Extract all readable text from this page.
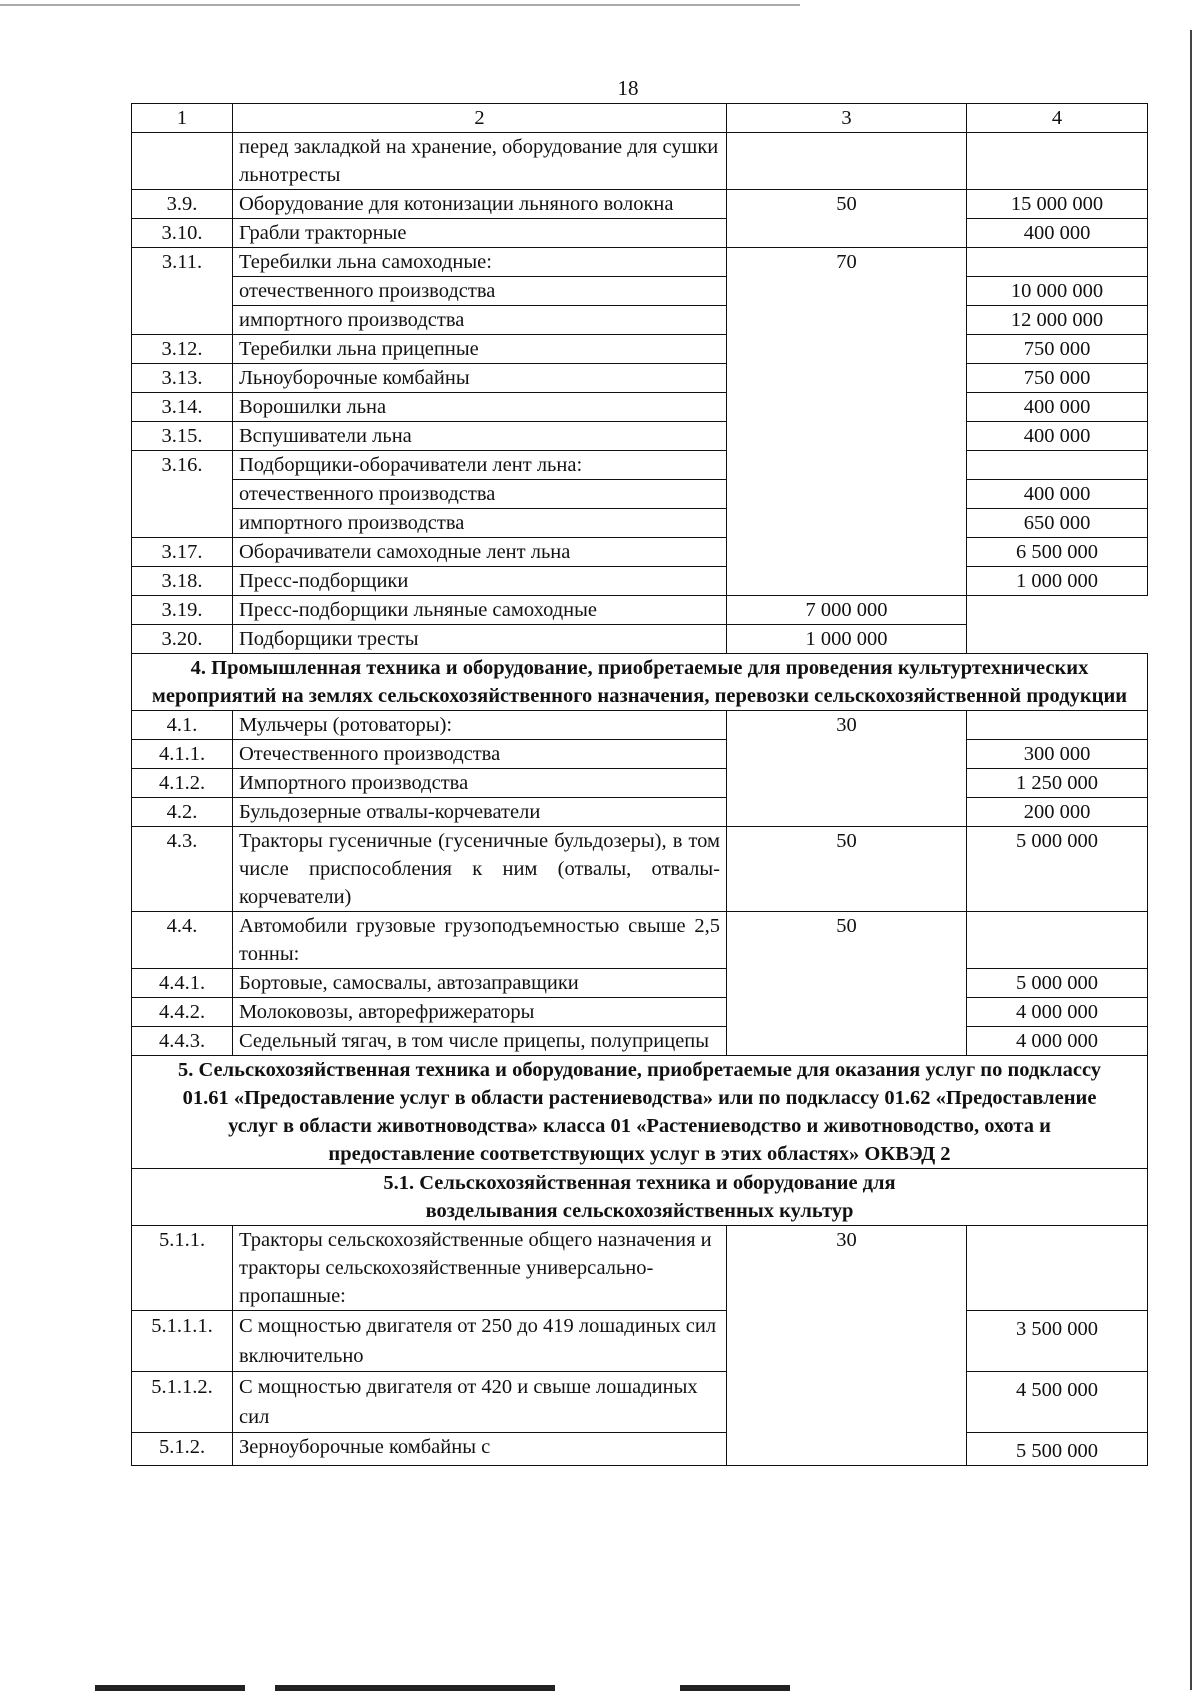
18
1	2	3	4
	перед закладкой на хранение, оборудование для сушки льнотресты		
3.9.	Оборудование для котонизации льняного волокна	50	15 000 000
3.10.	Грабли тракторные		400 000
3.11.	Теребилки льна самоходные:	70	
	отечественного производства		10 000 000
	импортного производства		12 000 000
3.12.	Теребилки льна прицепные		750 000
3.13.	Льноуборочные комбайны		750 000
3.14.	Ворошилки льна		400 000
3.15.	Вспушиватели льна		400 000
3.16.	Подборщики-оборачиватели лент льна:		
	отечественного производства		400 000
	импортного производства		650 000
3.17.	Оборачиватели самоходные лент льна		6 500 000
3.18.	Пресс-подборщики		1 000 000
3.19.	Пресс-подборщики льняные самоходные	7 000 000	
3.20.	Подборщики тресты	1 000 000	
4. Промышленная техника и оборудование, приобретаемые для проведения культуртехнических мероприятий на землях сельскохозяйственного назначения, перевозки сельскохозяйственной продукции			
4.1.	Мульчеры (ротоваторы):	30	
4.1.1.	Отечественного производства		300 000
4.1.2.	Импортного производства		1 250 000
4.2.	Бульдозерные отвалы-корчеватели		200 000
4.3.	Тракторы гусеничные (гусеничные бульдозеры), в том числе приспособления к ним (отвалы, отвалы-корчеватели)	50	5 000 000
4.4.	Автомобили грузовые грузоподъемностью свыше 2,5 тонны:	50	
4.4.1.	Бортовые, самосвалы, автозаправщики		5 000 000
4.4.2.	Молоковозы, авторефрижераторы		4 000 000
4.4.3.	Седельный тягач, в том числе прицепы, полуприцепы		4 000 000
5. Сельскохозяйственная техника и оборудование, приобретаемые для оказания услуг по подклассу 01.61 «Предоставление услуг в области растениеводства» или по подклассу 01.62 «Предоставление услуг в области животноводства» класса 01 «Растениеводство и животноводство, охота и предоставление соответствующих услуг в этих областях» ОКВЭД 2			
5.1. Сельскохозяйственная техника и оборудование для возделывания сельскохозяйственных культур			
5.1.1.	Тракторы сельскохозяйственные общего назначения и тракторы сельскохозяйственные универсально-пропашные:	30	
5.1.1.1.	С мощностью двигателя от 250 до 419 лошадиных сил включительно		3 500 000
5.1.1.2.	С мощностью двигателя от 420 и свыше лошадиных сил		4 500 000
5.1.2.	Зерноуборочные комбайны с		5 500 000
